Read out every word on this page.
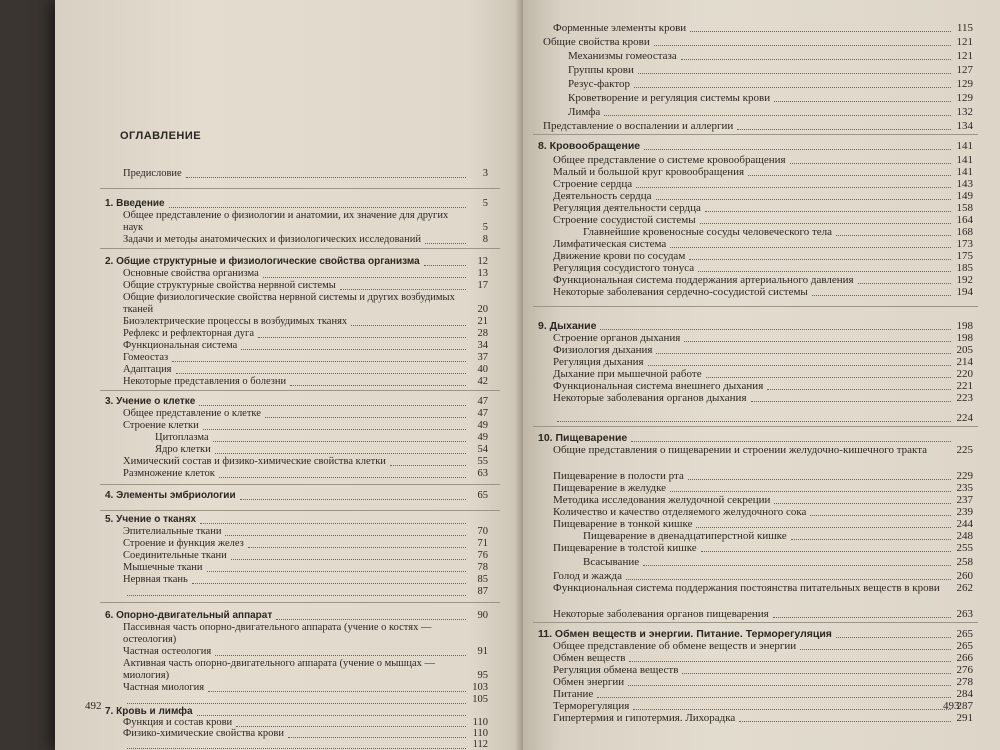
ОГЛАВЛЕНИЕ
Предисловие	3
1. Введение	5
Общее представление о физиологии и анатомии, их значение для других наук	5
Задачи и методы анатомических и физиологических исследований	8
2. Общие структурные и физиологические свойства организма	12
Основные свойства организма	13
Общие структурные свойства нервной системы	17
Общие физиологические свойства нервной системы и других возбудимых тканей	20
Биоэлектрические процессы в возбудимых тканях	21
Рефлекс и рефлекторная дуга	28
Функциональная система	34
Гомеостаз	37
Адаптация	40
Некоторые представления о болезни	42
3. Учение о клетке	47
Общее представление о клетке	47
Строение клетки	49
Цитоплазма	49
Ядро клетки	54
Химический состав и физико-химические свойства клетки	55
Размножение клеток	63
4. Элементы эмбриологии	65
5. Учение о тканях
Эпителиальные ткани	70
Строение и функция желез	71
Соединительные ткани	76
Мышечные ткани	78
Нервная ткань	85
87
6. Опорно-двигательный аппарат	90
Пассивная часть опорно-двигательного аппарата (учение о костях — остеология)
Частная остеология	91
Активная часть опорно-двигательного аппарата (учение о мышцах — миология)	95
Частная миология	103
105
7. Кровь и лимфа
Функция и состав крови	110
Физико-химические свойства крови	110
112
492
Форменные элементы крови	115
Общие свойства крови	121
Механизмы гомеостаза	121
Группы крови	127
Резус-фактор	129
Кроветворение и регуляция системы крови	129
Лимфа	132
Представление о воспалении и аллергии	134
8. Кровообращение	141
Общее представление о системе кровообращения	141
Малый и большой круг кровообращения	141
Строение сердца	143
Деятельность сердца	149
Регуляция деятельности сердца	158
Строение сосудистой системы	164
Главнейшие кровеносные сосуды человеческого тела	168
Лимфатическая система	173
Движение крови по сосудам	175
Регуляция сосудистого тонуса	185
Функциональная система поддержания артериального давления	192
Некоторые заболевания сердечно-сосудистой системы	194
9. Дыхание	198
Строение органов дыхания	198
Физиология дыхания	205
Регуляция дыхания	214
Дыхание при мышечной работе	220
Функциональная система внешнего дыхания	221
Некоторые заболевания органов дыхания	223
224
10. Пищеварение
Общие представления о пищеварении и строении желудочно-кишечного тракта	225
Пищеварение в полости рта	229
Пищеварение в желудке	235
Методика исследования желудочной секреции	237
Количество и качество отделяемого желудочного сока	239
Пищеварение в тонкой кишке	244
Пищеварение в двенадцатиперстной кишке	248
Пищеварение в толстой кишке	255
Всасывание	258
Голод и жажда	260
Функциональная система поддержания постоянства питательных веществ в крови	262
Некоторые заболевания органов пищеварения	263
11. Обмен веществ и энергии. Питание. Терморегуляция	265
Общее представление об обмене веществ и энергии	265
Обмен веществ	266
Регуляция обмена веществ	276
Обмен энергии	278
Питание	284
Терморегуляция	287
Гипертермия и гипотермия. Лихорадка	291
493
